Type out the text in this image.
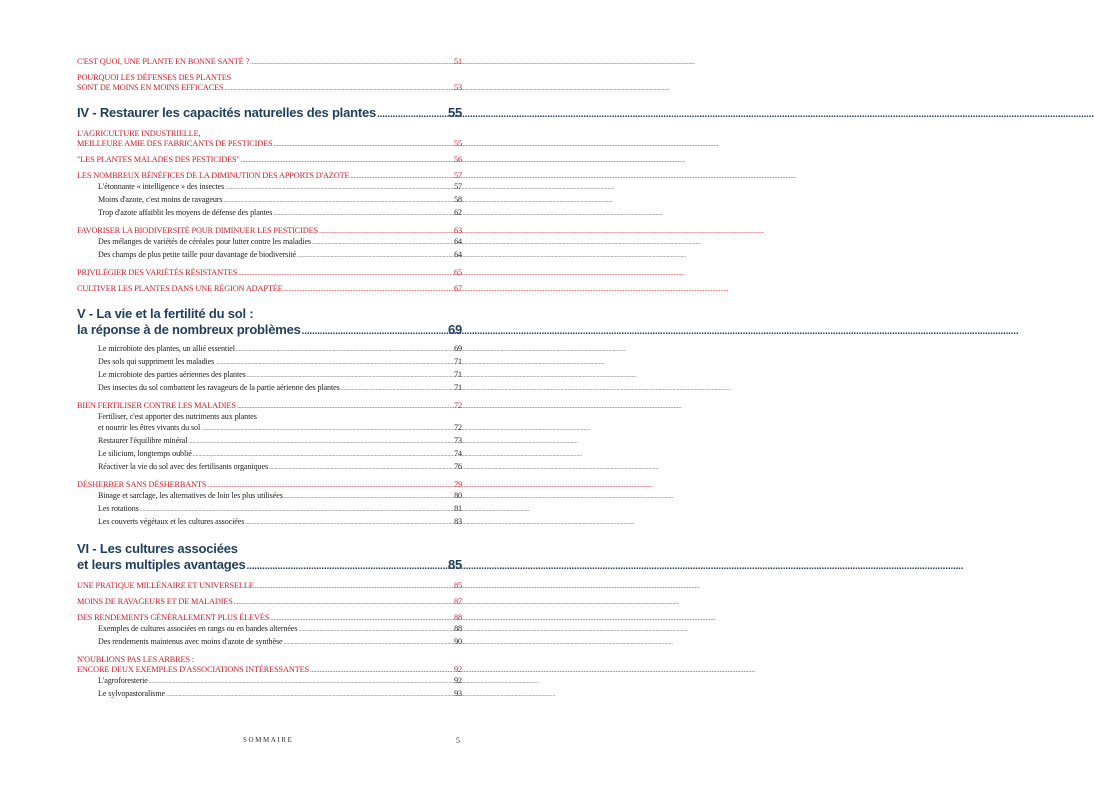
C'EST QUOI, UNE PLANTE EN BONNE SANTÉ ? .....	51
POURQUOI LES DÉFENSES DES PLANTES
SONT DE MOINS EN MOINS EFFICACES .....	53
IV - Restaurer les capacités naturelles des plantes .....	55
L'AGRICULTURE INDUSTRIELLE,
MEILLEURE AMIE DES FABRICANTS DE PESTICIDES .....	55
"LES PLANTES MALADES DES PESTICIDES" .....	56
LES NOMBREUX BÉNÉFICES DE LA DIMINUTION DES APPORTS D'AZOTE .....	57
L'étonnante « intelligence » des insectes .....	57
Moins d'azote, c'est moins de ravageurs .....	58
Trop d'azote affaiblit les moyens de défense des plantes .....	62
FAVORISER LA BIODIVERSITÉ POUR DIMINUER LES PESTICIDES .....	63
Des mélanges de variétés de céréales pour lutter contre les maladies .....	64
Des champs de plus petite taille pour davantage de biodiversité .....	64
PRIVILÉGIER DES VARIÉTÉS RÉSISTANTES .....	65
CULTIVER LES PLANTES DANS UNE RÉGION ADAPTÉE .....	67
V - La vie et la fertilité du sol :
la réponse à de nombreux problèmes .....	69
Le microbiote des plantes, un allié essentiel .....	69
Des sols qui suppriment les maladies .....	71
Le microbiote des parties aériennes des plantes .....	71
Des insectes du sol combattent les ravageurs de la partie aérienne des plantes .....	71
BIEN FERTILISER CONTRE LES MALADIES .....	72
Fertiliser, c'est apporter des nutriments aux plantes
et nourrir les êtres vivants du sol .....	72
Restaurer l'équilibre minéral .....	73
Le silicium, longtemps oublié .....	74
Réactiver la vie du sol avec des fertilisants organiques .....	76
DÉSHERBER SANS DÉSHERBANTS .....	79
Binage et sarclage, les alternatives de loin les plus utilisées .....	80
Les rotations .....	81
Les couverts végétaux et les cultures associées .....	83
VI - Les cultures associées
et leurs multiples avantages .....	85
UNE PRATIQUE MILLÉNAIRE ET UNIVERSELLE .....	85
MOINS DE RAVAGEURS ET DE MALADIES .....	87
DES RENDEMENTS GÉNÉRALEMENT PLUS ÉLEVÉS .....	88
Exemples de cultures associées en rangs ou en bandes alternées .....	88
Des rendements maintenus avec moins d'azote de synthèse .....	90
N'OUBLIONS PAS LES ARBRES :
ENCORE DEUX EXEMPLES D'ASSOCIATIONS INTÉRESSANTES .....	92
L'agroforesterie .....	92
Le sylvopastoralisme .....	93
SOMMAIRE	5
